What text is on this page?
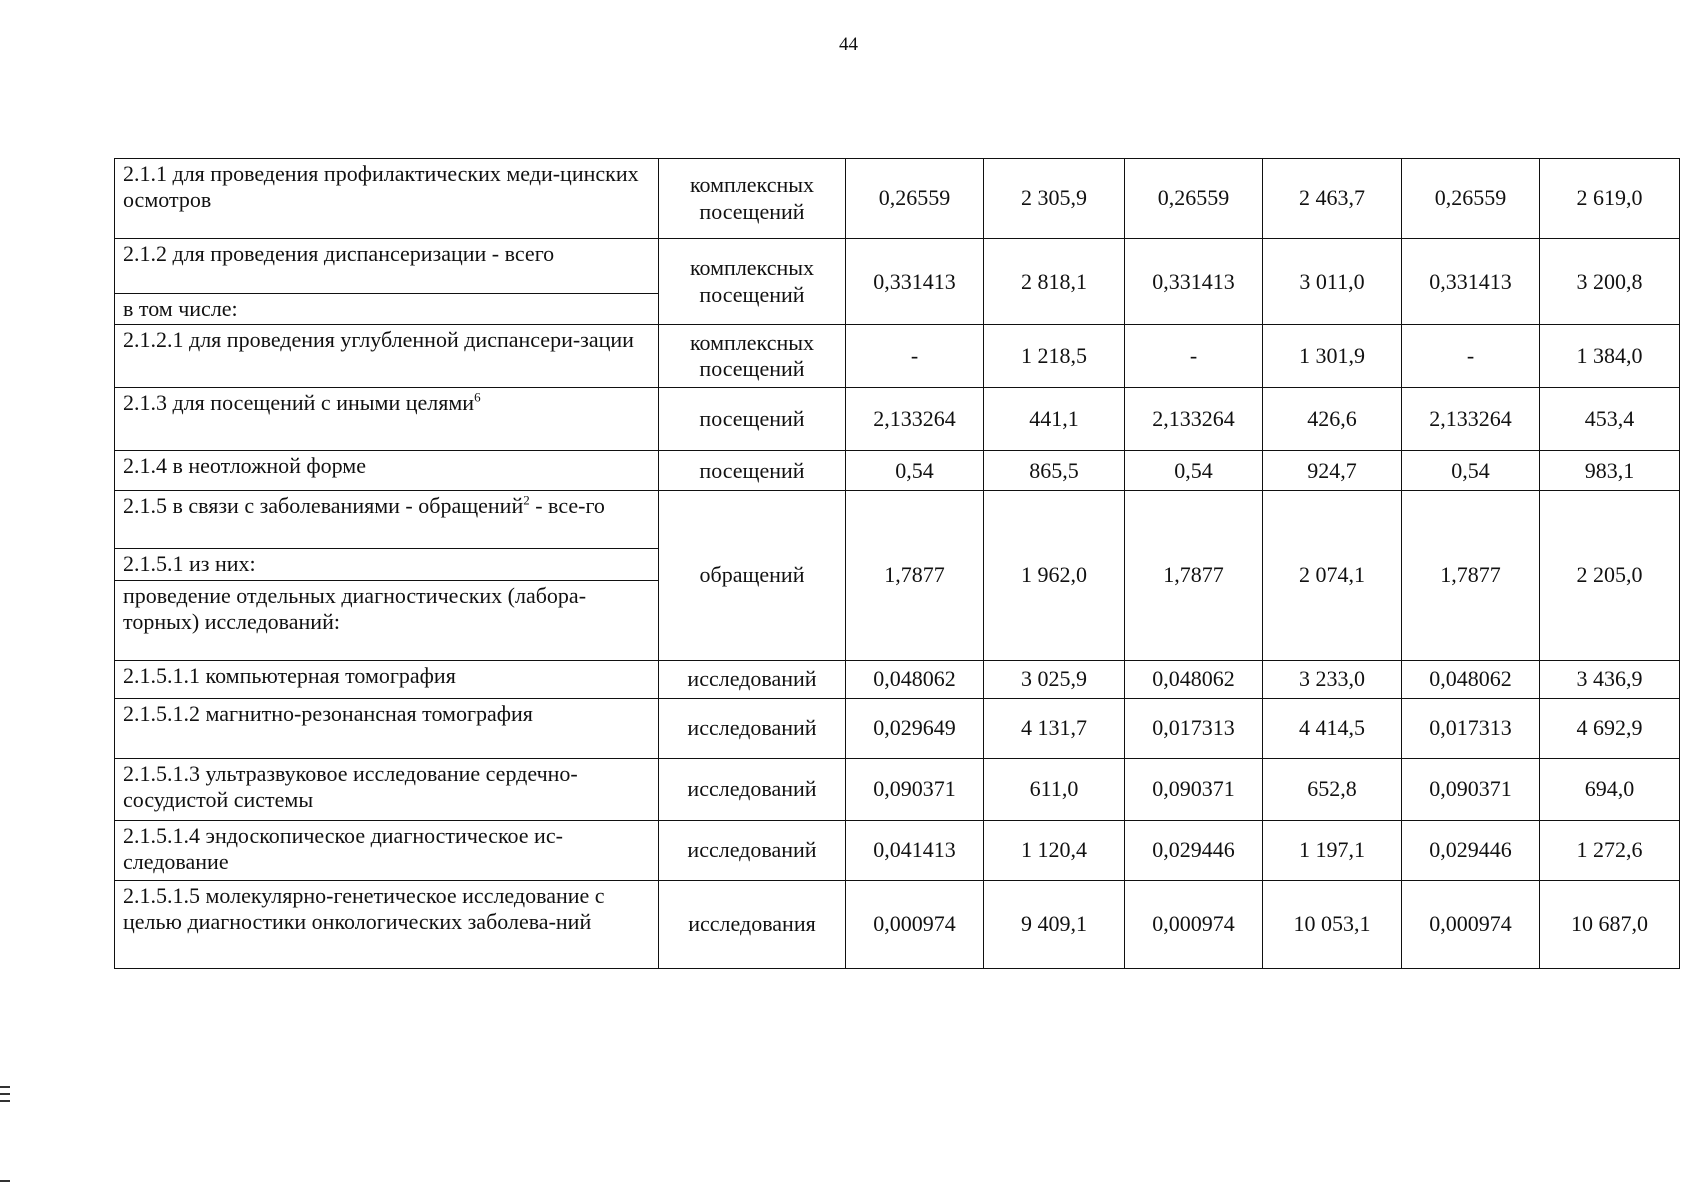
44
2.1.1 для проведения профилактических меди-цинских осмотров	комплексных посещений	0,26559	2 305,9	0,26559	2 463,7	0,26559	2 619,0
2.1.2 для проведения диспансеризации - всего	комплексных посещений	0,331413	2 818,1	0,331413	3 011,0	0,331413	3 200,8
в том числе:							
2.1.2.1 для проведения углубленной диспансери-зации	комплексных посещений	-	1 218,5	-	1 301,9	-	1 384,0
2.1.3 для посещений с иными целями$^6$	посещений	2,133264	441,1	2,133264	426,6	2,133264	453,4
2.1.4 в неотложной форме	посещений	0,54	865,5	0,54	924,7	0,54	983,1
2.1.5 в связи с заболеваниями - обращений$^2$ - все-го	обращений	1,7877	1 962,0	1,7877	2 074,1	1,7877	2 205,0
2.1.5.1 из них:							
проведение отдельных диагностических (лабора-торных) исследований:							
2.1.5.1.1 компьютерная томография	исследований	0,048062	3 025,9	0,048062	3 233,0	0,048062	3 436,9
2.1.5.1.2 магнитно-резонансная томография	исследований	0,029649	4 131,7	0,017313	4 414,5	0,017313	4 692,9
2.1.5.1.3 ультразвуковое исследование сердечно-сосудистой системы	исследований	0,090371	611,0	0,090371	652,8	0,090371	694,0
2.1.5.1.4 эндоскопическое диагностическое ис-следование	исследований	0,041413	1 120,4	0,029446	1 197,1	0,029446	1 272,6
2.1.5.1.5 молекулярно-генетическое исследование с целью диагностики онкологических заболева-ний	исследования	0,000974	9 409,1	0,000974	10 053,1	0,000974	10 687,0
